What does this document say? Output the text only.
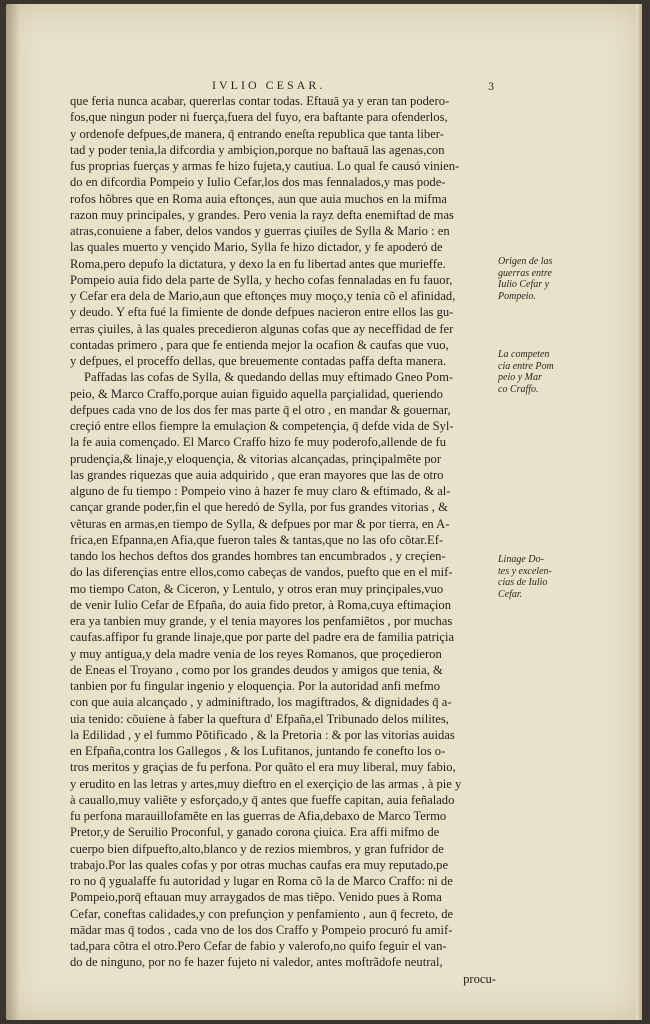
IVLIO CESAR.	3
que feria nunca acabar, quererlas contar todas. Eftauā ya y eran tan podero-
fos,que ningun poder ni fuerça,fuera del fuyo, era baftante para ofenderlos,
y ordenofe defpues,de manera, q̄ entrando eneſta republica que tanta liber-
tad y poder tenia,la difcordia y ambiçion,porque no baftauā las agenas,con
fus proprias fuerças y armas fe hizo fujeta,y cautiua. Lo qual fe causó vinien-
do en difcordia Pompeio y Iulio Cefar,los dos mas fennalados,y mas pode-
rofos hõbres que en Roma auia eftonçes, aun que auia muchos en la mifma
razon muy principales, y grandes. Pero venia la rayz defta enemiftad de mas
atras,conuiene a faber, delos vandos y guerras çiuiles de Sylla & Mario : en
las quales muerto y vençido Mario, Sylla fe hizo dictador, y fe apoderó de
Roma,pero depufo la dictatura, y dexo la en fu libertad antes que murieffe.
Pompeio auia fido dela parte de Sylla, y hecho cofas fennaladas en fu fauor,
y Cefar era dela de Mario,aun que eftonçes muy moço,y tenia cõ el afinidad,
y deudo. Y efta fué la fimiente de donde defpues nacieron entre ellos las gu-
erras çiuiles, à las quales precedieron algunas cofas que ay neceffidad de fer
contadas primero , para que fe entienda mejor la ocafion & caufas que vuo,
y defpues, el proceffo dellas, que breuemente contadas paffa defta manera.
Paffadas las cofas de Sylla, & quedando dellas muy eftimado Gneo Pom-
peio, & Marco Craffo,porque auian figuido aquella parçialidad, queriendo
defpues cada vno de los dos fer mas parte q̄ el otro , en mandar & gouernar,
creçió entre ellos fiempre la emulaçion & competençia, q̄ defde vida de Syl-
la fe auia començado. El Marco Craffo hizo fe muy poderofo,allende de fu
prudençia,& linaje,y eloquençia, & vitorias alcançadas, prinçipalmẽte por
las grandes riquezas que auia adquirido , que eran mayores que las de otro
alguno de fu tiempo : Pompeio vino à hazer fe muy claro & eftimado, & al-
cançar grande poder,fin el que heredó de Sylla, por fus grandes vitorias , &
vẽturas en armas,en tiempo de Sylla, & defpues por mar & por tierra, en A-
frica,en Efpanna,en Afia,que fueron tales & tantas,que no las ofo cõtar.Ef-
tando los hechos deftos dos grandes hombres tan encumbrados , y creçien-
do las diferençias entre ellos,como cabeças de vandos, puefto que en el mif-
mo tiempo Caton, & Ciceron, y Lentulo, y otros eran muy prinçipales,vuo
de venir Iulio Cefar de Efpaña, do auia fido pretor, à Roma,cuya eftimaçion
era ya tanbien muy grande, y el tenia mayores los penfamiẽtos , por muchas
caufas.affipor fu grande linaje,que por parte del padre era de familia patriçia
y muy antigua,y dela madre venia de los reyes Romanos, que proçedieron
de Eneas el Troyano , como por los grandes deudos y amigos que tenia, &
tanbien por fu fingular ingenio y eloquençia. Por la autoridad anfi mefmo
con que auia alcançado , y adminiftrado, los magiftrados, & dignidades q̄ a-
uia tenido: cõuiene à faber la queftura d' Efpaña,el Tribunado delos milites,
la Edilidad , y el fummo Põtificado , & la Pretoria : & por las vitorias auidas
en Efpaña,contra los Gallegos , & los Lufitanos, juntando fe conefto los o-
tros meritos y graçias de fu perfona. Por quãto el era muy liberal, muy fabio,
y erudito en las letras y artes,muy dieftro en el exerçiçio de las armas , à pie y
à cauallo,muy valiẽte y esforçado,y q̄ antes que fueffe capitan, auia feñalado
fu perfona marauillofamẽte en las guerras de Afia,debaxo de Marco Termo
Pretor,y de Seruilio Proconful, y ganado corona çiuica. Era affi mifmo de
cuerpo bien difpuefto,alto,blanco y de rezios miembros, y gran fufridor de
trabajo.Por las quales cofas y por otras muchas caufas era muy reputado,pe
ro no q̄ ygualaffe fu autoridad y lugar en Roma cõ la de Marco Craffo: ni de
Pompeio,porq̄ eftauan muy arraygados de mas tiẽpo. Venido pues à Roma
Cefar, coneftas calidades,y con prefunçion y penfamiento , aun q̄ fecreto, de
mādar mas q̄ todos , cada vno de los dos Craffo y Pompeio procuró fu amif-
tad,para cõtra el otro.Pero Cefar de fabio y valerofo,no quifo feguir el van-
do de ninguno, por no fe hazer fujeto ni valedor, antes moftrãdofe neutral,
procu-
Origen de las
guerras entre
Iulio Cefar y
Pompeio.
La competen
cia entre Pom
peio y Mar
co Craffo.
Linage Do-
tes y excelen-
cias de Iulio
Cefar.
